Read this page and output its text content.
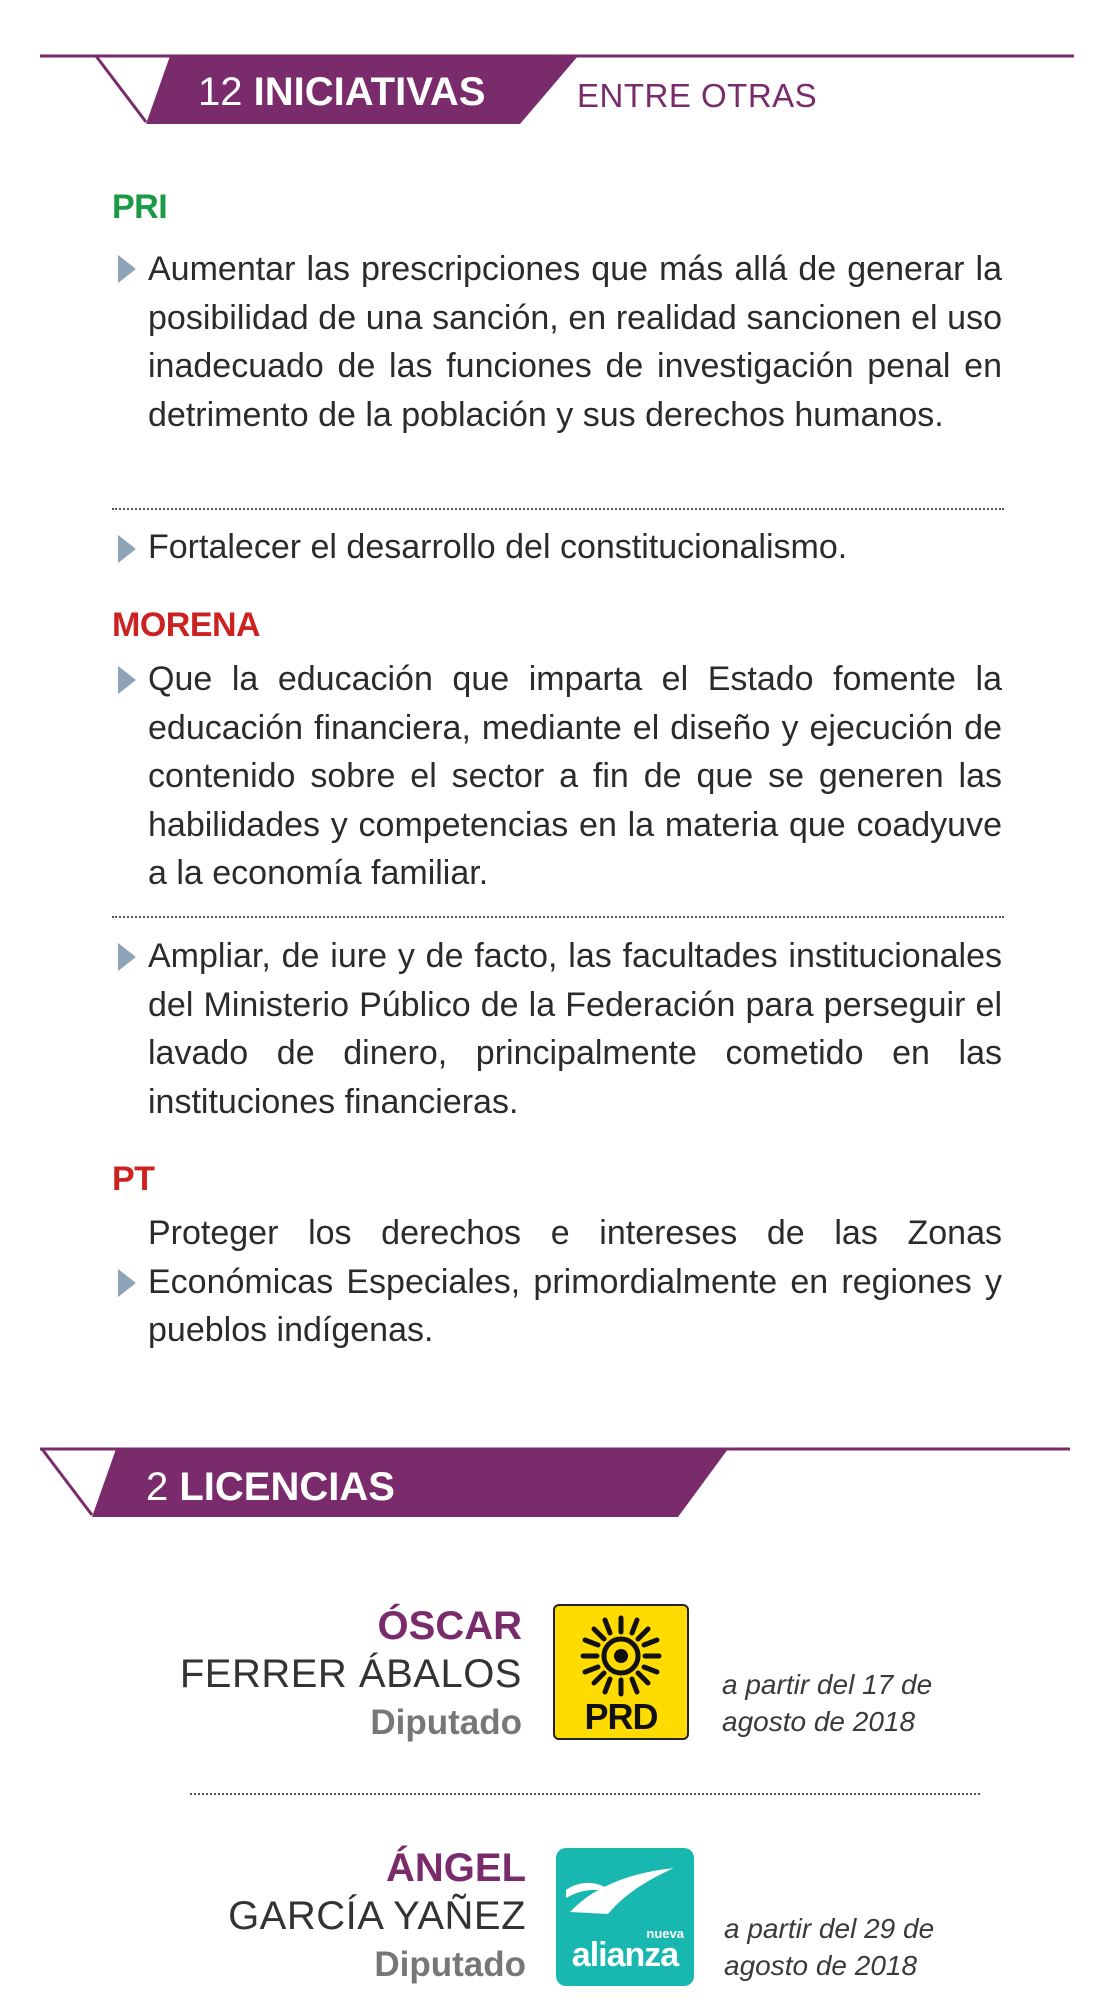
12 INICIATIVAS	ENTRE OTRAS
PRI
Aumentar las prescripciones que más allá de generar la posibilidad de una sanción, en realidad sancionen el uso inadecuado de las funciones de investigación penal en detrimento de la población y sus derechos humanos.
Fortalecer el desarrollo del constitucionalismo.
MORENA
Que la educación que imparta el Estado fomente la educación financiera, mediante el diseño y ejecución de contenido sobre el sector a fin de que se generen las habilidades y competencias en la materia que coadyuve a la economía familiar.
Ampliar, de iure y de facto, las facultades institucionales del Ministerio Público de la Federación para perseguir el lavado de dinero, principalmente cometido en las instituciones financieras.
PT
Proteger los derechos e intereses de las Zonas Económicas Especiales, primordialmente en regiones y pueblos indígenas.
2 LICENCIAS
ÓSCAR
FERRER ÁBALOS
Diputado	PRD
a partir del 17 de
agosto de 2018
ÁNGEL
GARCÍA YAÑEZ
Diputado
nueva
alianza
a partir del 29 de
agosto de 2018
